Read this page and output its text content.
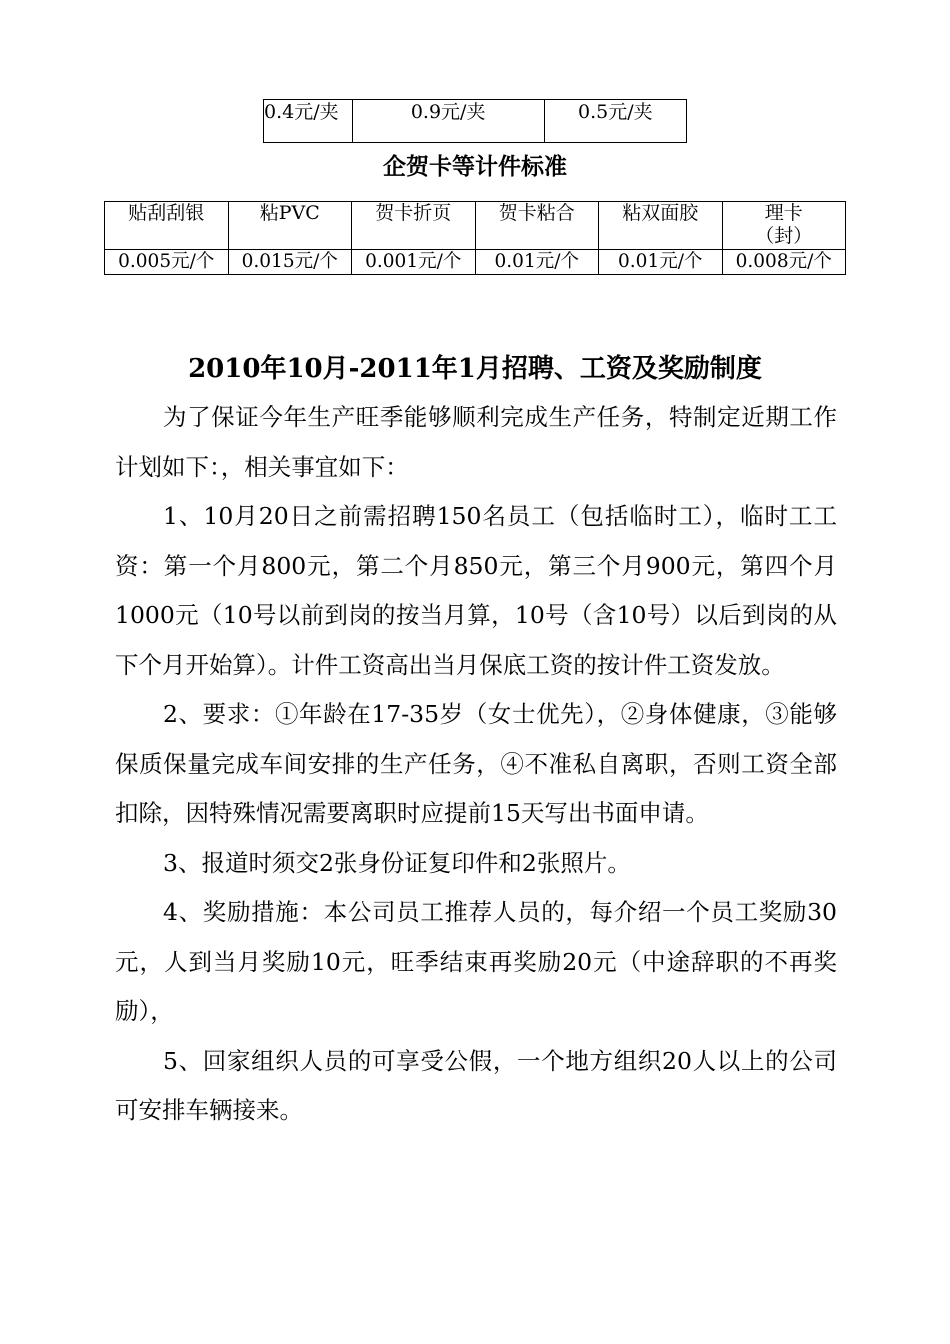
0.4元/夹	0.9元/夹	0.5元/夹
企贺卡等计件标准
贴刮刮银	粘PVC	贺卡折页	贺卡粘合	粘双面胶	理卡
（封）
0.005元/个	0.015元/个	0.001元/个	0.01元/个	0.01元/个	0.008元/个
2010年10月-2011年1月招聘、工资及奖励制度

为了保证今年生产旺季能够顺利完成生产任务，特制定近期工作计划如下：，相关事宜如下：

1、10月20日之前需招聘150名员工（包括临时工），临时工工资：第一个月800元，第二个月850元，第三个月900元，第四个月1000元（10号以前到岗的按当月算，10号（含10号）以后到岗的从下个月开始算）。计件工资高出当月保底工资的按计件工资发放。

2、要求：①年龄在17-35岁（女士优先），②身体健康，③能够保质保量完成车间安排的生产任务，④不准私自离职，否则工资全部扣除，因特殊情况需要离职时应提前15天写出书面申请。

3、报道时须交2张身份证复印件和2张照片。

4、奖励措施：本公司员工推荐人员的，每介绍一个员工奖励30元，人到当月奖励10元，旺季结束再奖励20元（中途辞职的不再奖励），

5、回家组织人员的可享受公假，一个地方组织20人以上的公司可安排车辆接来。
